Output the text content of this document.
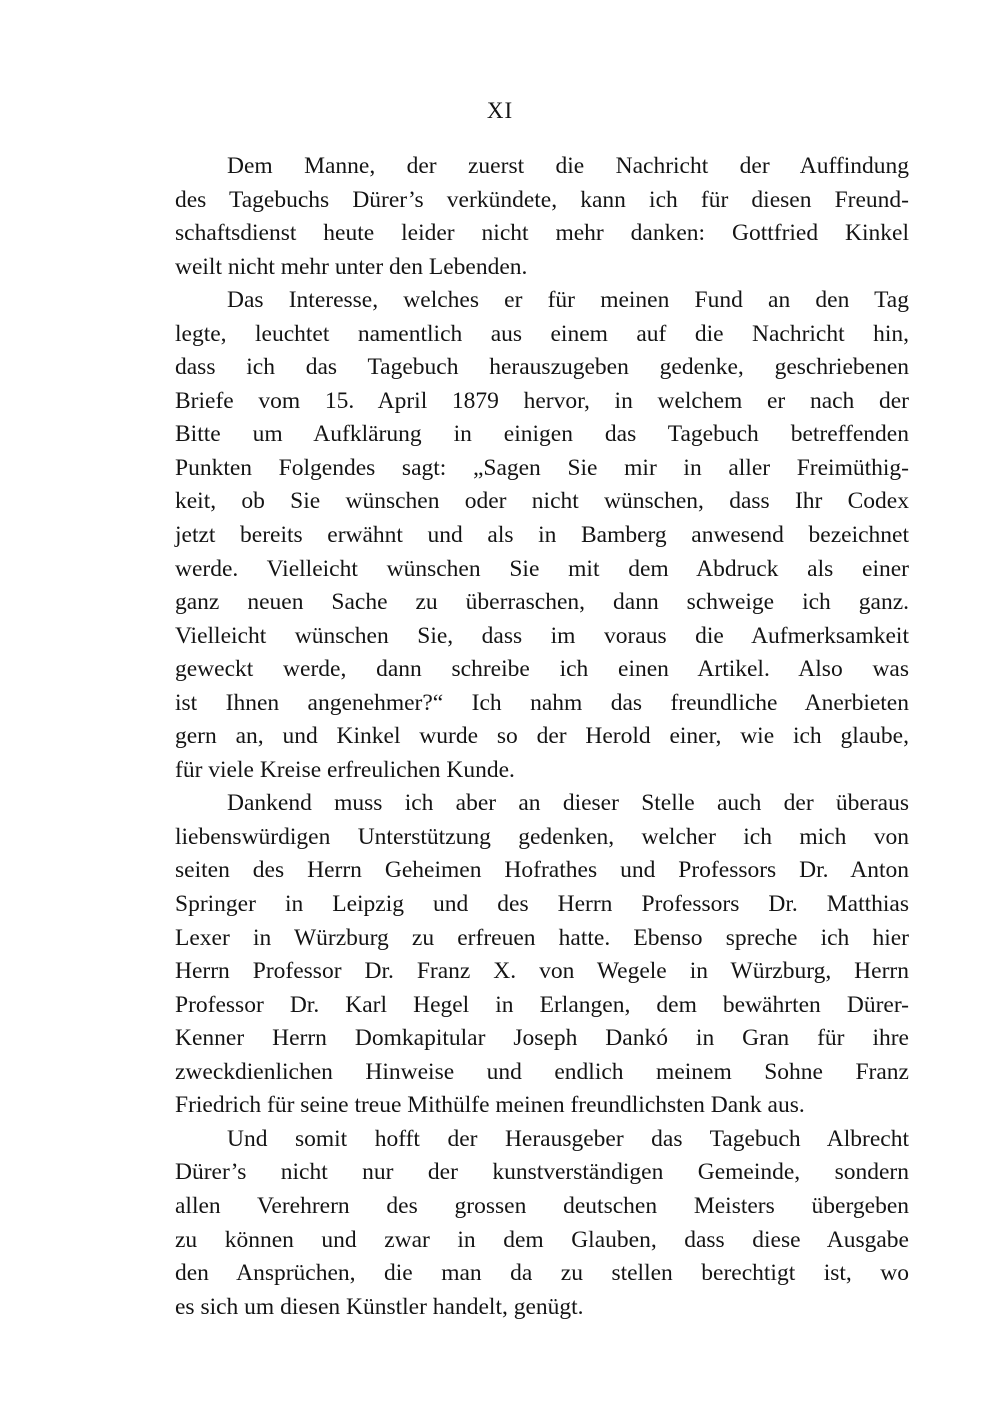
XI
Dem Manne, der zuerst die Nachricht der Auffindung
des Tagebuchs Dürer’s verkündete, kann ich für diesen Freund-
schaftsdienst heute leider nicht mehr danken: Gottfried Kinkel
weilt nicht mehr unter den Lebenden.
Das Interesse, welches er für meinen Fund an den Tag
legte, leuchtet namentlich aus einem auf die Nachricht hin,
dass ich das Tagebuch herauszugeben gedenke, geschriebenen
Briefe vom 15. April 1879 hervor, in welchem er nach der
Bitte um Aufklärung in einigen das Tagebuch betreffenden
Punkten Folgendes sagt: „Sagen Sie mir in aller Freimüthig-
keit, ob Sie wünschen oder nicht wünschen, dass Ihr Codex
jetzt bereits erwähnt und als in Bamberg anwesend bezeichnet
werde. Vielleicht wünschen Sie mit dem Abdruck als einer
ganz neuen Sache zu überraschen, dann schweige ich ganz.
Vielleicht wünschen Sie, dass im voraus die Aufmerksamkeit
geweckt werde, dann schreibe ich einen Artikel. Also was
ist Ihnen angenehmer?“ Ich nahm das freundliche Anerbieten
gern an, und Kinkel wurde so der Herold einer, wie ich glaube,
für viele Kreise erfreulichen Kunde.
Dankend muss ich aber an dieser Stelle auch der überaus
liebenswürdigen Unterstützung gedenken, welcher ich mich von
seiten des Herrn Geheimen Hofrathes und Professors Dr. Anton
Springer in Leipzig und des Herrn Professors Dr. Matthias
Lexer in Würzburg zu erfreuen hatte. Ebenso spreche ich hier
Herrn Professor Dr. Franz X. von Wegele in Würzburg, Herrn
Professor Dr. Karl Hegel in Erlangen, dem bewährten Dürer-
Kenner Herrn Domkapitular Joseph Dankó in Gran für ihre
zweckdienlichen Hinweise und endlich meinem Sohne Franz
Friedrich für seine treue Mithülfe meinen freundlichsten Dank aus.
Und somit hofft der Herausgeber das Tagebuch Albrecht
Dürer’s nicht nur der kunstverständigen Gemeinde, sondern
allen Verehrern des grossen deutschen Meisters übergeben
zu können und zwar in dem Glauben, dass diese Ausgabe
den Ansprüchen, die man da zu stellen berechtigt ist, wo
es sich um diesen Künstler handelt, genügt.
